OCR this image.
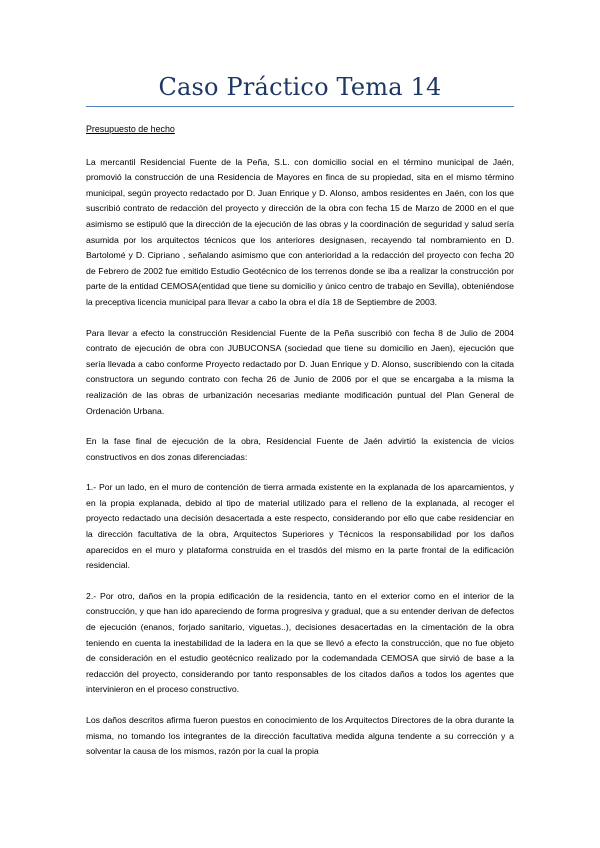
Caso Práctico Tema 14
Presupuesto de hecho

La mercantil Residencial Fuente de la Peña, S.L. con domicilio social en el término municipal de Jaén, promovió la construcción de una Residencia de Mayores en finca de su propiedad, sita en el mismo término municipal, según proyecto redactado por D. Juan Enrique y D. Alonso, ambos residentes en Jaén, con los que suscribió contrato de redacción del proyecto y dirección de la obra con fecha 15 de Marzo de 2000 en el que asimismo se estipuló que la dirección de la ejecución de las obras y la coordinación de seguridad y salud sería asumida por los arquitectos técnicos que los anteriores designasen, recayendo tal nombramiento en D. Bartolomé y D. Cipriano , señalando asimismo que con anterioridad a la redacción del proyecto con fecha 20 de Febrero de 2002 fue emitido Estudio Geotécnico de los terrenos donde se iba a realizar la construcción por parte de la entidad CEMOSA(entidad que tiene su domicilio y único centro de trabajo en Sevilla), obteniéndose la preceptiva licencia municipal para llevar a cabo la obra el día 18 de Septiembre de 2003.

Para llevar a efecto la construcción Residencial Fuente de la Peña suscribió con fecha 8 de Julio de 2004 contrato de ejecución de obra con JUBUCONSA (sociedad que tiene su domicilio en Jaen), ejecución que sería llevada a cabo conforme Proyecto redactado por D. Juan Enrique y D. Alonso, suscribiendo con la citada constructora un segundo contrato con fecha 26 de Junio de 2006 por el que se encargaba a la misma la realización de las obras de urbanización necesarias mediante modificación puntual del Plan General de Ordenación Urbana.

En la fase final de ejecución de la obra, Residencial Fuente de Jaén advirtió la existencia de vicios constructivos en dos zonas diferenciadas:

1.- Por un lado, en el muro de contención de tierra armada existente en la explanada de los aparcamientos, y en la propia explanada, debido al tipo de material utilizado para el relleno de la explanada, al recoger el proyecto redactado una decisión desacertada a este respecto, considerando por ello que cabe residenciar en la dirección facultativa de la obra, Arquitectos Superiores y Técnicos la responsabilidad por los daños aparecidos en el muro y plataforma construida en el trasdós del mismo en la parte frontal de la edificación residencial.

2.- Por otro, daños en la propia edificación de la residencia, tanto en el exterior como en el interior de la construcción, y que han ido apareciendo de forma progresiva y gradual, que a su entender derivan de defectos de ejecución (enanos, forjado sanitario, viguetas..), decisiones desacertadas en la cimentación de la obra teniendo en cuenta la inestabilidad de la ladera en la que se llevó a efecto la construcción, que no fue objeto de consideración en el estudio geotécnico realizado por la codemandada CEMOSA que sirvió de base a la redacción del proyecto, considerando por tanto responsables de los citados daños a todos los agentes que intervinieron en el proceso constructivo.

Los daños descritos afirma fueron puestos en conocimiento de los Arquitectos Directores de la obra durante la misma, no tomando los integrantes de la dirección facultativa medida alguna tendente a su corrección y a solventar la causa de los mismos, razón por la cual la propia
